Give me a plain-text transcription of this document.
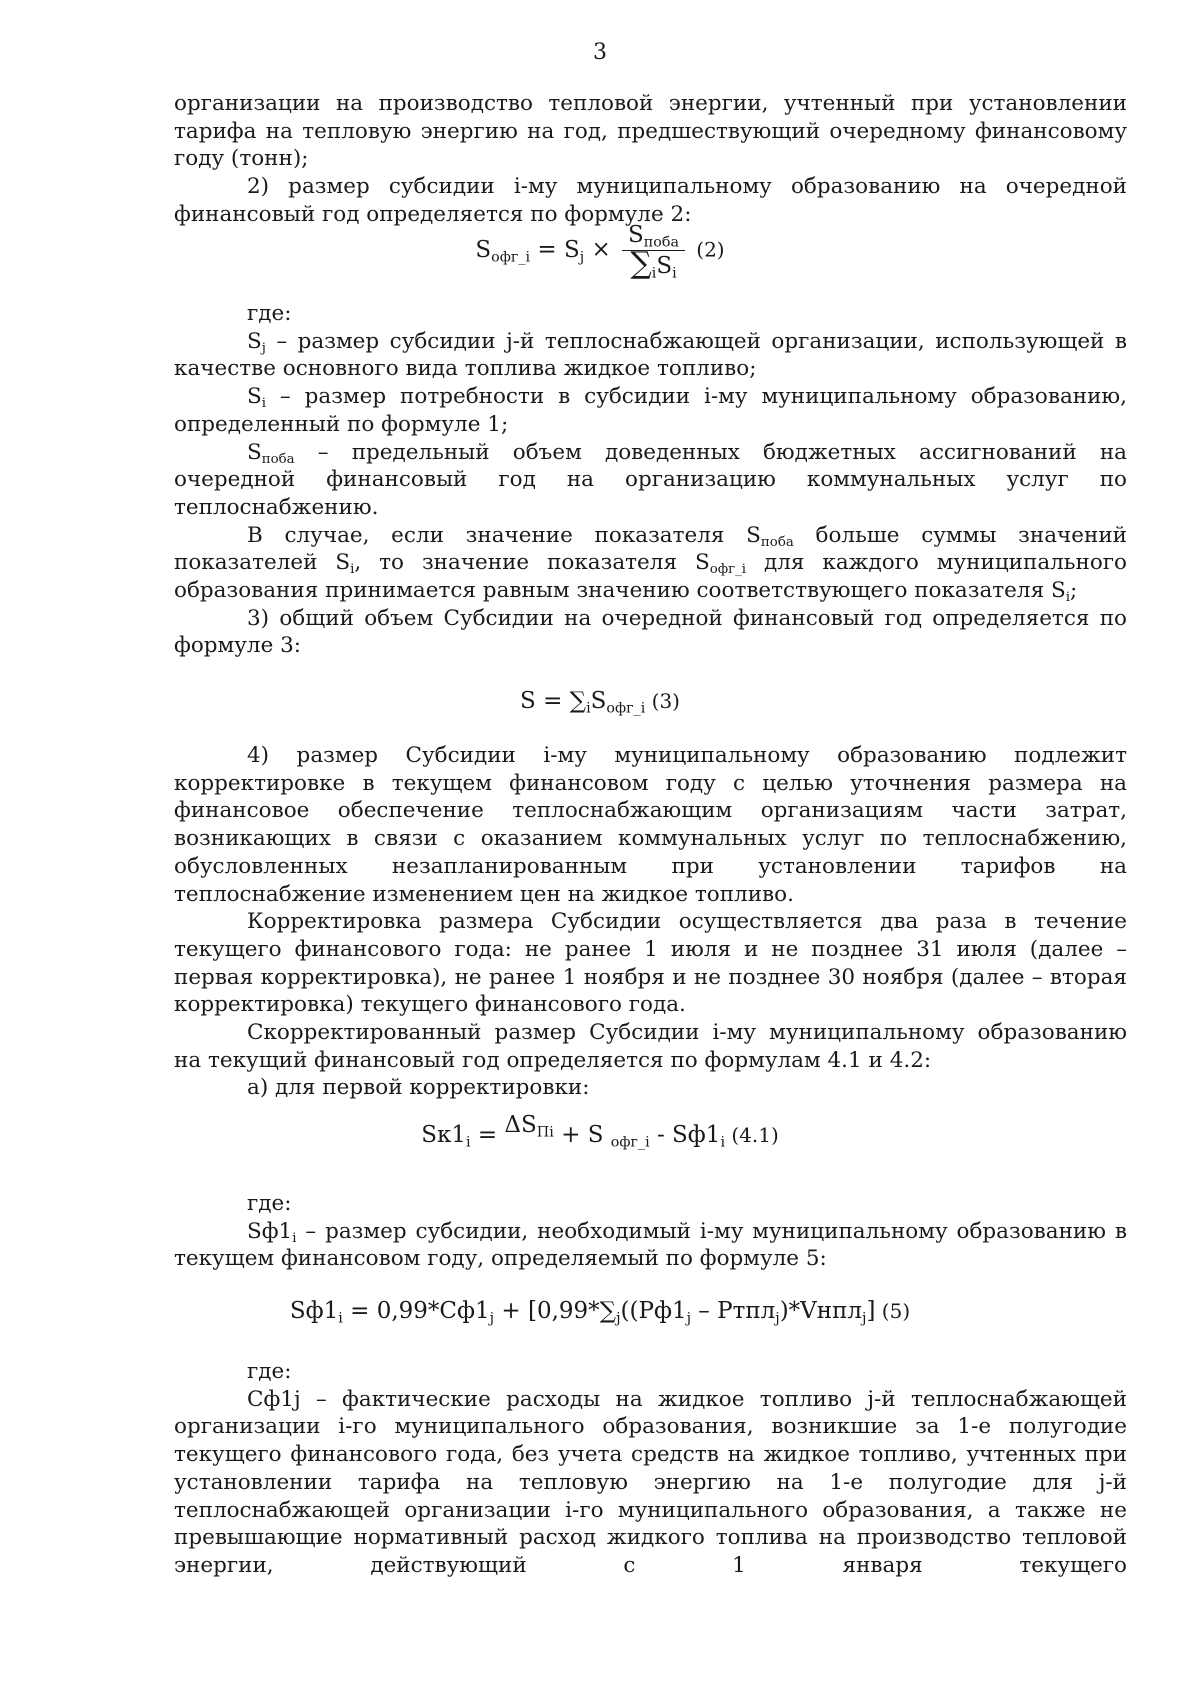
3

организации на производство тепловой энергии, учтенный при установлении тарифа на тепловую энергию на год, предшествующий очередному финансовому году (тонн);

2) размер субсидии i-му муниципальному образованию на очередной финансовый год определяется по формуле 2:

$S_{офг\_i} = S_j \times \frac{S_{поба}}{\sum_iS_i} (2)$

где:

$S_j$ – размер субсидии j-й теплоснабжающей организации, использующей в качестве основного вида топлива жидкое топливо;

$S_i$ – размер потребности в субсидии i-му муниципальному образованию, определенный по формуле 1;

$S_{поба}$ – предельный объем доведенных бюджетных ассигнований на очередной финансовый год на организацию коммунальных услуг по теплоснабжению.

В случае, если значение показателя $S_{поба}$ больше суммы значений показателей $S_i$, то значение показателя $S_{офг\_i}$ для каждого муниципального образования принимается равным значению соответствующего показателя $S_i$;

3) общий объем Субсидии на очередной финансовый год определяется по формуле 3:

$S = \sum_iS_{офг\_i}$ (3)

4) размер Субсидии i-му муниципальному образованию подлежит корректировке в текущем финансовом году с целью уточнения размера на финансовое обеспечение теплоснабжающим организациям части затрат, возникающих в связи с оказанием коммунальных услуг по теплоснабжению, обусловленных незапланированным при установлении тарифов на теплоснабжение изменением цен на жидкое топливо.

Корректировка размера Субсидии осуществляется два раза в течение текущего финансового года: не ранее 1 июля и не позднее 31 июля (далее – первая корректировка), не ранее 1 ноября и не позднее 30 ноября (далее – вторая корректировка) текущего финансового года.

Скорректированный размер Субсидии i-му муниципальному образованию на текущий финансовый год определяется по формулам 4.1 и 4.2:

а) для первой корректировки:

$Sк1_i = \Delta S_{Пi} + S$ $_{офг\_i} - Sф1_i$ (4.1)

где:

$Sф1_i$ – размер субсидии, необходимый i-му муниципальному образованию в текущем финансовом году, определяемый по формуле 5:

$Sф1_i = 0,99*Сф1_j + [0,99*\sum_j((Рф1_j$ – Ртпл$_j$)*Vнпл$_j$] (5)

где:

Сф1j – фактические расходы на жидкое топливо j-й теплоснабжающей организации i-го муниципального образования, возникшие за 1-е полугодие текущего финансового года, без учета средств на жидкое топливо, учтенных при установлении тарифа на тепловую энергию на 1-е полугодие для j-й теплоснабжающей организации i-го муниципального образования, а также не превышающие нормативный расход жидкого топлива на производство тепловой энергии, действующий с 1 января текущего
